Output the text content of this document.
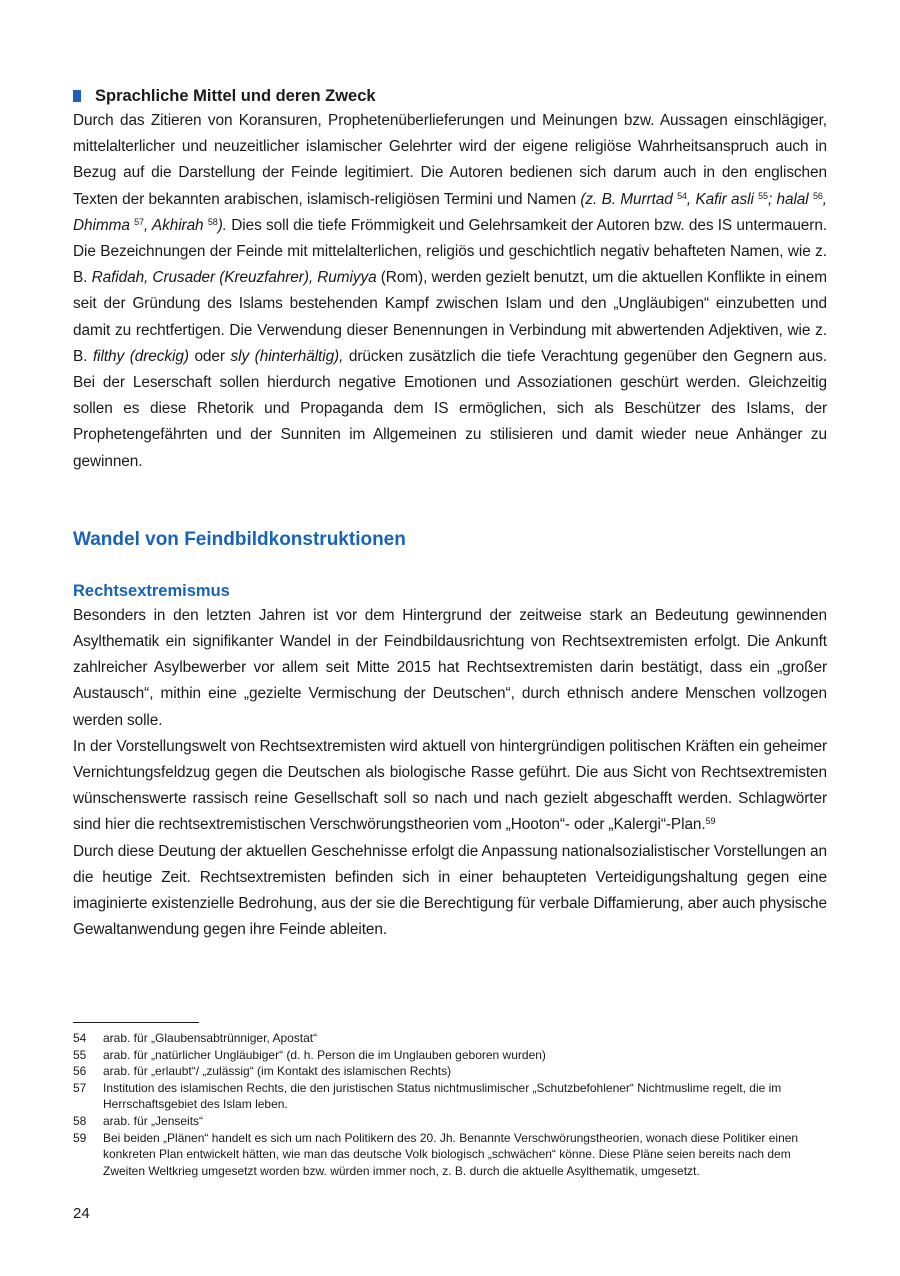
Sprachliche Mittel und deren Zweck

Durch das Zitieren von Koransuren, Prophetenüberlieferungen und Meinungen bzw. Aussagen einschlägiger, mittelalterlicher und neuzeitlicher islamischer Gelehrter wird der eigene religiöse Wahrheitsanspruch auch in Bezug auf die Darstellung der Feinde legitimiert. Die Autoren bedienen sich darum auch in den englischen Texten der bekannten arabischen, islamisch-religiösen Termini und Namen (z. B. Murrtad $^{54}$, Kafir asli $^{55}$; halal $^{56}$, Dhimma $^{57}$, Akhirah $^{58}$). Dies soll die tiefe Frömmigkeit und Gelehrsamkeit der Autoren bzw. des IS untermauern. Die Bezeichnungen der Feinde mit mittelalterlichen, religiös und geschichtlich negativ behafteten Namen, wie z. B. Rafidah, Crusader (Kreuzfahrer), Rumiyya (Rom), werden gezielt benutzt, um die aktuellen Konflikte in einem seit der Gründung des Islams bestehenden Kampf zwischen Islam und den „Ungläubigen“ einzubetten und damit zu rechtfertigen. Die Verwendung dieser Benennungen in Verbindung mit abwertenden Adjektiven, wie z. B. filthy (dreckig) oder sly (hinterhältig), drücken zusätzlich die tiefe Verachtung gegenüber den Gegnern aus. Bei der Leserschaft sollen hierdurch negative Emotionen und Assoziationen geschürt werden. Gleichzeitig sollen es diese Rhetorik und Propaganda dem IS ermöglichen, sich als Beschützer des Islams, der Prophetengefährten und der Sunniten im Allgemeinen zu stilisieren und damit wieder neue Anhänger zu gewinnen.

Wandel von Feindbildkonstruktionen
Rechtsextremismus

Besonders in den letzten Jahren ist vor dem Hintergrund der zeitweise stark an Bedeutung gewinnenden Asylthematik ein signifikanter Wandel in der Feindbildausrichtung von Rechtsextremisten erfolgt. Die Ankunft zahlreicher Asylbewerber vor allem seit Mitte 2015 hat Rechtsextremisten darin bestätigt, dass ein „großer Austausch“, mithin eine „gezielte Vermischung der Deutschen“, durch ethnisch andere Menschen vollzogen werden solle.

In der Vorstellungswelt von Rechtsextremisten wird aktuell von hintergründigen politischen Kräften ein geheimer Vernichtungsfeldzug gegen die Deutschen als biologische Rasse geführt. Die aus Sicht von Rechtsextremisten wünschenswerte rassisch reine Gesellschaft soll so nach und nach gezielt abgeschafft werden. Schlagwörter sind hier die rechtsextremistischen Verschwörungstheorien vom „Hooton“- oder „Kalergi“-Plan.$^{59}$

Durch diese Deutung der aktuellen Geschehnisse erfolgt die Anpassung nationalsozialistischer Vorstellungen an die heutige Zeit. Rechtsextremisten befinden sich in einer behaupteten Verteidigungshaltung gegen eine imaginierte existenzielle Bedrohung, aus der sie die Berechtigung für verbale Diffamierung, aber auch physische Gewaltanwendung gegen ihre Feinde ableiten.

54	arab. für „Glaubensabtrünniger, Apostat“

55	arab. für „natürlicher Ungläubiger“ (d. h. Person die im Unglauben geboren wurden)

56	arab. für „erlaubt“/ „zulässig“ (im Kontakt des islamischen Rechts)

57	Institution des islamischen Rechts, die den juristischen Status nichtmuslimischer „Schutzbefohlener“ Nichtmuslime regelt, die im Herrschaftsgebiet des Islam leben.

58	arab. für „Jenseits“

59	Bei beiden „Plänen“ handelt es sich um nach Politikern des 20. Jh. Benannte Verschwörungstheorien, wonach diese Politiker einen konkreten Plan entwickelt hätten, wie man das deutsche Volk biologisch „schwächen“ könne. Diese Pläne seien bereits nach dem Zweiten Weltkrieg umgesetzt worden bzw. würden immer noch, z. B. durch die aktuelle Asylthematik, umgesetzt.

24
